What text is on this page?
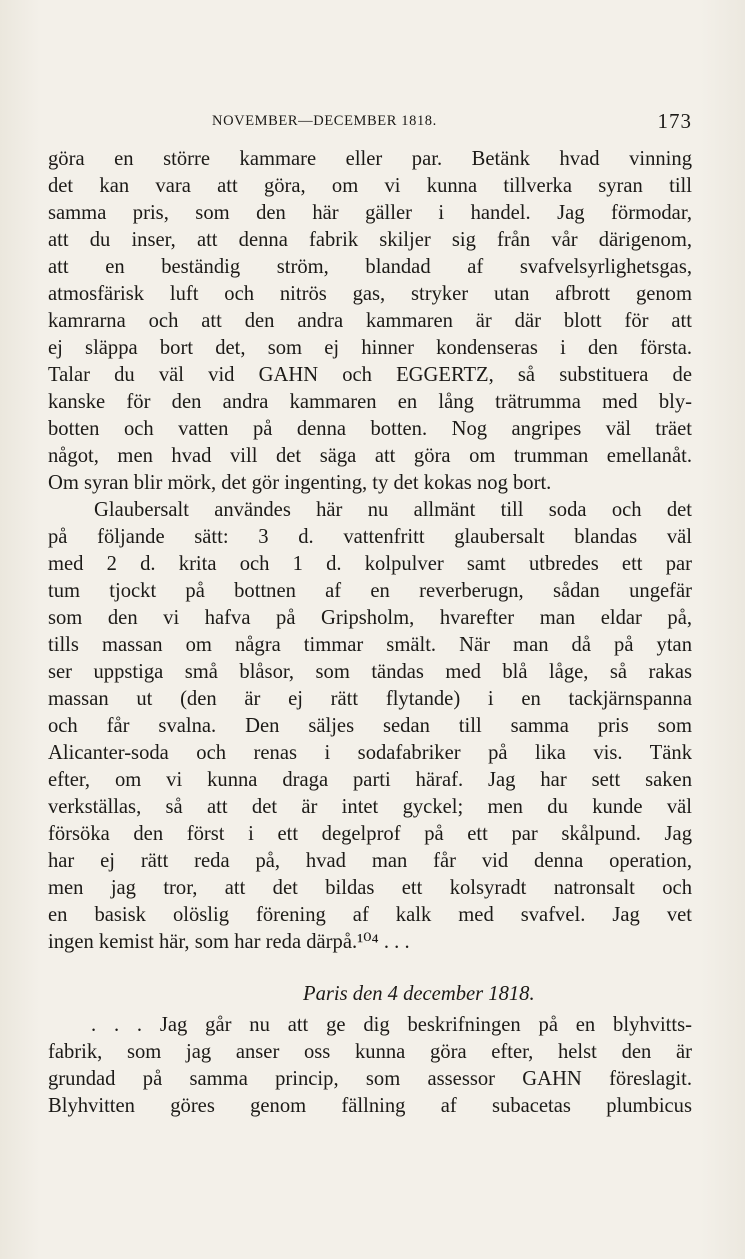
NOVEMBER—DECEMBER 1818.	173
göra en större kammare eller par. Betänk hvad vinning
det kan vara att göra, om vi kunna tillverka syran till
samma pris, som den här gäller i handel. Jag förmodar,
att du inser, att denna fabrik skiljer sig från vår därigenom,
att en beständig ström, blandad af svafvelsyrlighetsgas,
atmosfärisk luft och nitrös gas, stryker utan afbrott genom
kamrarna och att den andra kammaren är där blott för att
ej släppa bort det, som ej hinner kondenseras i den första.
Talar du väl vid GAHN och EGGERTZ, så substituera de
kanske för den andra kammaren en lång trätrumma med bly-
botten och vatten på denna botten. Nog angripes väl träet
något, men hvad vill det säga att göra om trumman emellanåt.
Om syran blir mörk, det gör ingenting, ty det kokas nog bort.
Glaubersalt användes här nu allmänt till soda och det
på följande sätt: 3 d. vattenfritt glaubersalt blandas väl
med 2 d. krita och 1 d. kolpulver samt utbredes ett par
tum tjockt på bottnen af en reverberugn, sådan ungefär
som den vi hafva på Gripsholm, hvarefter man eldar på,
tills massan om några timmar smält. När man då på ytan
ser uppstiga små blåsor, som tändas med blå låge, så rakas
massan ut (den är ej rätt flytande) i en tackjärnspanna
och får svalna. Den säljes sedan till samma pris som
Alicanter-soda och renas i sodafabriker på lika vis. Tänk
efter, om vi kunna draga parti häraf. Jag har sett saken
verkställas, så att det är intet gyckel; men du kunde väl
försöka den först i ett degelprof på ett par skålpund. Jag
har ej rätt reda på, hvad man får vid denna operation,
men jag tror, att det bildas ett kolsyradt natronsalt och
en basisk olöslig förening af kalk med svafvel. Jag vet
ingen kemist här, som har reda därpå.¹⁰⁴ . . .
Paris den 4 december 1818.
. . . Jag går nu att ge dig beskrifningen på en blyhvitts-
fabrik, som jag anser oss kunna göra efter, helst den är
grundad på samma princip, som assessor GAHN föreslagit.
Blyhvitten göres genom fällning af subacetas plumbicus
